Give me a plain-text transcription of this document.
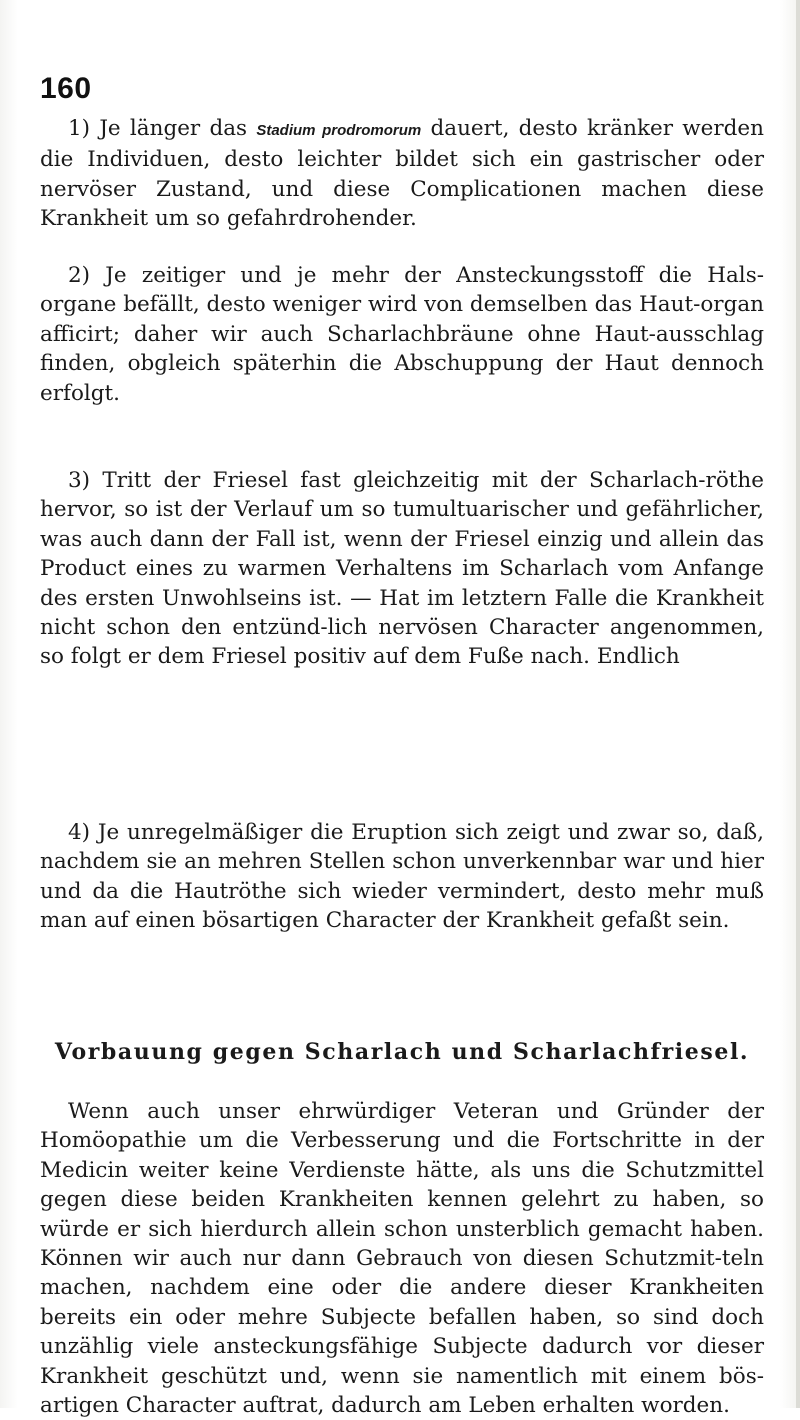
160

1) Je länger das Stadium prodromorum dauert, desto kränker werden die Individuen, desto leichter bildet sich ein gastrischer oder nervöser Zustand, und diese Complicationen machen diese Krankheit um so gefahrdrohender.

2) Je zeitiger und je mehr der Ansteckungsstoff die Hals-organe befällt, desto weniger wird von demselben das Haut-organ afficirt; daher wir auch Scharlachbräune ohne Haut-ausschlag finden, obgleich späterhin die Abschuppung der Haut dennoch erfolgt.

3) Tritt der Friesel fast gleichzeitig mit der Scharlach-röthe hervor, so ist der Verlauf um so tumultuarischer und gefährlicher, was auch dann der Fall ist, wenn der Friesel einzig und allein das Product eines zu warmen Verhaltens im Scharlach vom Anfange des ersten Unwohlseins ist. — Hat im letztern Falle die Krankheit nicht schon den entzünd-lich nervösen Character angenommen, so folgt er dem Friesel positiv auf dem Fuße nach. Endlich

4) Je unregelmäßiger die Eruption sich zeigt und zwar so, daß, nachdem sie an mehren Stellen schon unverkennbar war und hier und da die Hautröthe sich wieder vermindert, desto mehr muß man auf einen bösartigen Character der Krankheit gefaßt sein.

Vorbauung gegen Scharlach und Scharlachfriesel.

Wenn auch unser ehrwürdiger Veteran und Gründer der Homöopathie um die Verbesserung und die Fortschritte in der Medicin weiter keine Verdienste hätte, als uns die Schutzmittel gegen diese beiden Krankheiten kennen gelehrt zu haben, so würde er sich hierdurch allein schon unsterblich gemacht haben. Können wir auch nur dann Gebrauch von diesen Schutzmit-teln machen, nachdem eine oder die andere dieser Krankheiten bereits ein oder mehre Subjecte befallen haben, so sind doch unzählig viele ansteckungsfähige Subjecte dadurch vor dieser Krankheit geschützt und, wenn sie namentlich mit einem bös-artigen Character auftrat, dadurch am Leben erhalten worden.
